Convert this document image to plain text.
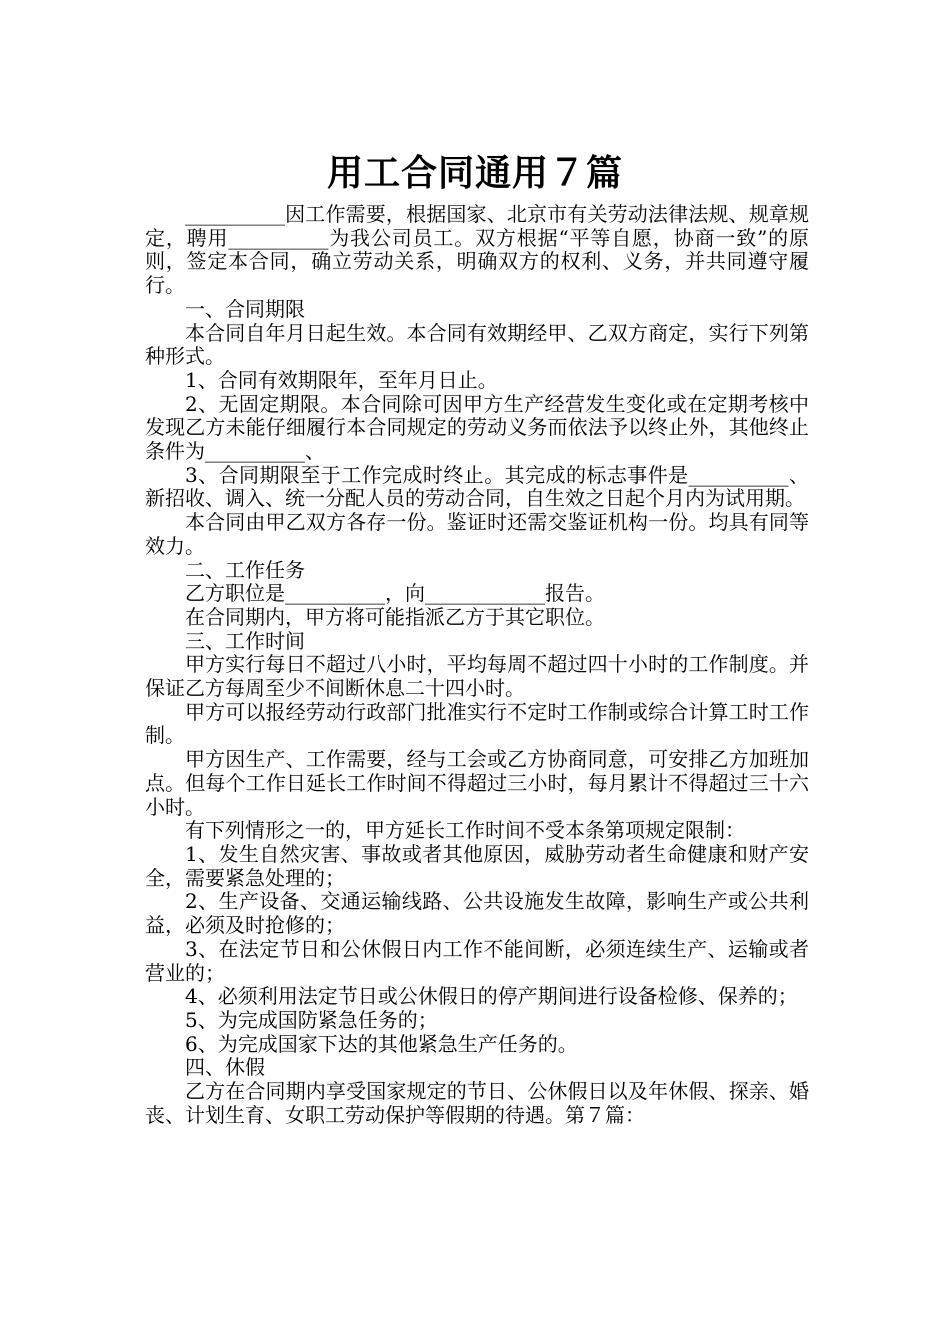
用工合同通用７篇

__________因工作需要，根据国家、北京市有关劳动法律法规、规章规定，聘用__________为我公司员工。双方根据“平等自愿，协商一致”的原则，签定本合同，确立劳动关系，明确双方的权利、义务，并共同遵守履行。

一、合同期限

本合同自年月日起生效。本合同有效期经甲、乙双方商定，实行下列第种形式。

1、合同有效期限年，至年月日止。

2、无固定期限。本合同除可因甲方生产经营发生变化或在定期考核中发现乙方未能仔细履行本合同规定的劳动义务而依法予以终止外，其他终止条件为__________、

3、合同期限至于工作完成时终止。其完成的标志事件是__________、新招收、调入、统一分配人员的劳动合同，自生效之日起个月内为试用期。

本合同由甲乙双方各存一份。鉴证时还需交鉴证机构一份。均具有同等效力。

二、工作任务

乙方职位是__________，向____________报告。

在合同期内，甲方将可能指派乙方于其它职位。

三、工作时间

甲方实行每日不超过八小时，平均每周不超过四十小时的工作制度。并保证乙方每周至少不间断休息二十四小时。

甲方可以报经劳动行政部门批准实行不定时工作制或综合计算工时工作制。

甲方因生产、工作需要，经与工会或乙方协商同意，可安排乙方加班加点。但每个工作日延长工作时间不得超过三小时，每月累计不得超过三十六小时。

有下列情形之一的，甲方延长工作时间不受本条第项规定限制：

1、发生自然灾害、事故或者其他原因，威胁劳动者生命健康和财产安全，需要紧急处理的；

2、生产设备、交通运输线路、公共设施发生故障，影响生产或公共利益，必须及时抢修的；

3、在法定节日和公休假日内工作不能间断，必须连续生产、运输或者营业的；

4、必须利用法定节日或公休假日的停产期间进行设备检修、保养的；

5、为完成国防紧急任务的；

6、为完成国家下达的其他紧急生产任务的。

四、休假

乙方在合同期内享受国家规定的节日、公休假日以及年休假、探亲、婚丧、计划生育、女职工劳动保护等假期的待遇。第７篇：
